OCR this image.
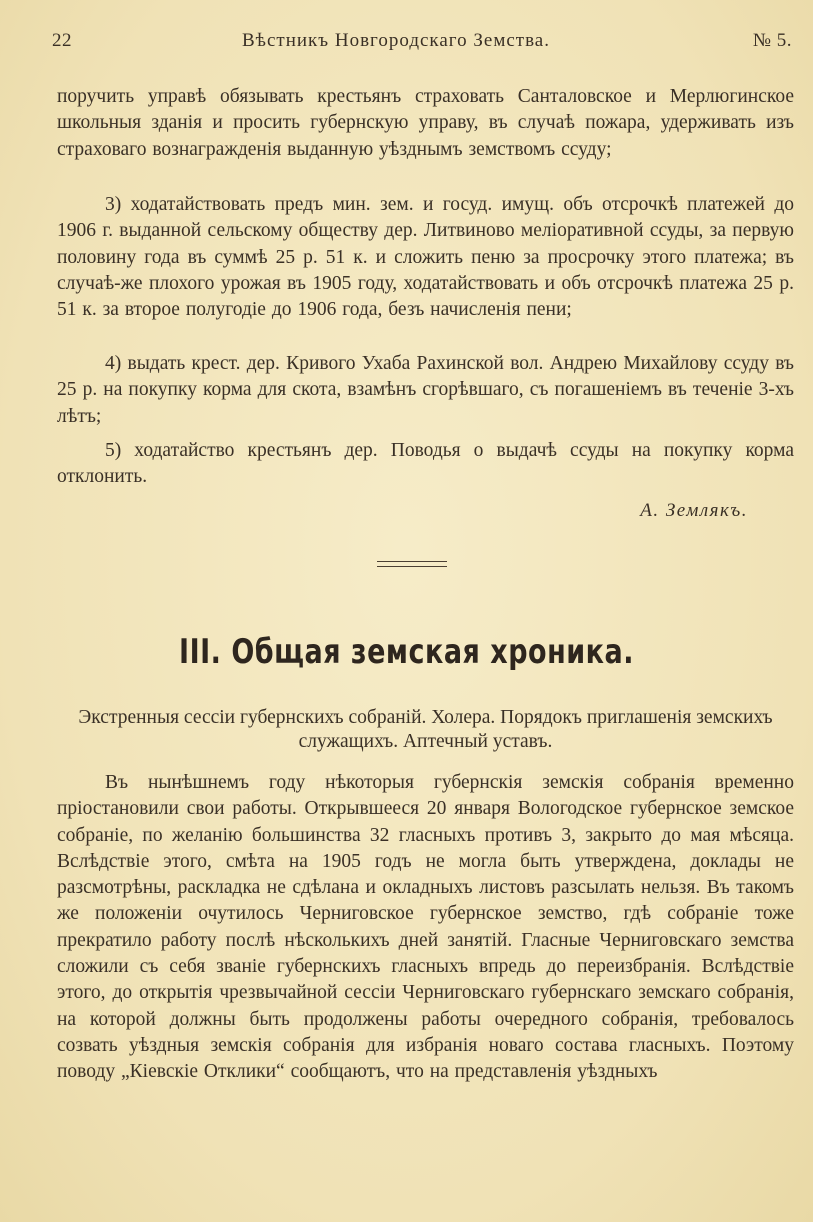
22	Вѣстникъ Новгородскаго Земства.	№ 5.
поручить управѣ обязывать крестьянъ страховать Санталовское и Мерлюгинское школьныя зданія и просить губернскую управу, въ случаѣ пожара, удерживать изъ страховаго вознагражденія выданную уѣзднымъ земствомъ ссуду;
3) ходатайствовать предъ мин. зем. и госуд. имущ. объ отсрочкѣ платежей до 1906 г. выданной сельскому обществу дер. Литвиново меліоративной ссуды, за первую половину года въ суммѣ 25 р. 51 к. и сложить пеню за просрочку этого платежа; въ случаѣ-же плохого урожая въ 1905 году, ходатайствовать и объ отсрочкѣ платежа 25 р. 51 к. за второе полугодіе до 1906 года, безъ начисленія пени;
4) выдать крест. дер. Кривого Ухаба Рахинской вол. Андрею Михайлову ссуду въ 25 р. на покупку корма для скота, взамѣнъ сгорѣвшаго, съ погашеніемъ въ теченіе 3-хъ лѣтъ;
5) ходатайство крестьянъ дер. Поводья о выдачѣ ссуды на покупку корма отклонить.
А. Землякъ.
III. Общая земская хроника.
Экстренныя сессіи губернскихъ собраній. Холера. Порядокъ приглашенія земскихъ служащихъ. Аптечный уставъ.
Въ нынѣшнемъ году нѣкоторыя губернскія земскія собранія временно пріостановили свои работы. Открывшееся 20 января Вологодское губернское земское собраніе, по желанію большинства 32 гласныхъ противъ 3, закрыто до мая мѣсяца. Вслѣдствіе этого, смѣта на 1905 годъ не могла быть утверждена, доклады не разсмотрѣны, раскладка не сдѣлана и окладныхъ листовъ разсылать нельзя. Въ такомъ же положеніи очутилось Черниговское губернское земство, гдѣ собраніе тоже прекратило работу послѣ нѣсколькихъ дней занятій. Гласные Черниговскаго земства сложили съ себя званіе губернскихъ гласныхъ впредь до переизбранія. Вслѣдствіе этого, до открытія чрезвычайной сессіи Черниговскаго губернскаго земскаго собранія, на которой должны быть продолжены работы очередного собранія, требовалось созвать уѣздныя земскія собранія для избранія новаго состава гласныхъ. Поэтому поводу „Кіевскіе Отклики“ сообщаютъ, что на представленія уѣздныхъ
